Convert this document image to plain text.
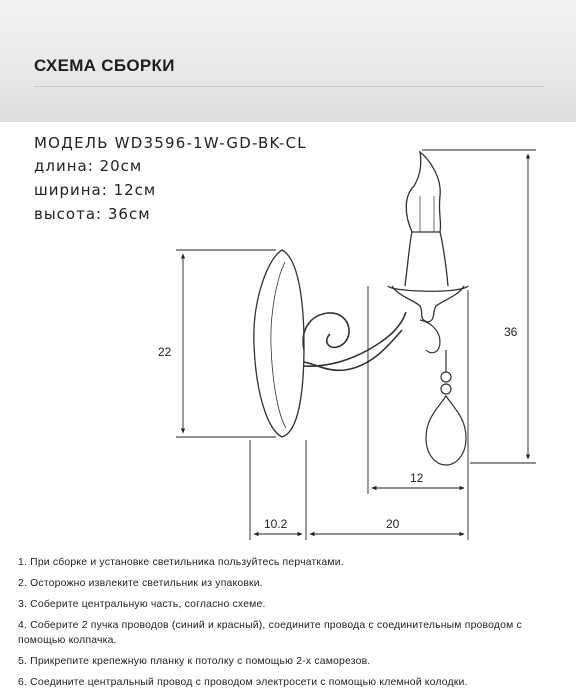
СХЕМА СБОРКИ
МОДЕЛЬ WD3596-1W-GD-BK-CL
длина: 20см
ширина: 12см
высота: 36см
22
36
12
10.2	20
1. При сборке и установке светильника пользуйтесь перчатками.
2. Осторожно извлеките светильник из упаковки.
3. Соберите центральную часть, согласно схеме.
4. Соберите 2 пучка проводов (синий и красный), соедините провода с соединительным проводом с помощью колпачка.
5. Прикрепите крепежную планку к потолку с помощью 2-х саморезов.
6. Соедините центральный провод с проводом электросети с помощью клемной колодки.
